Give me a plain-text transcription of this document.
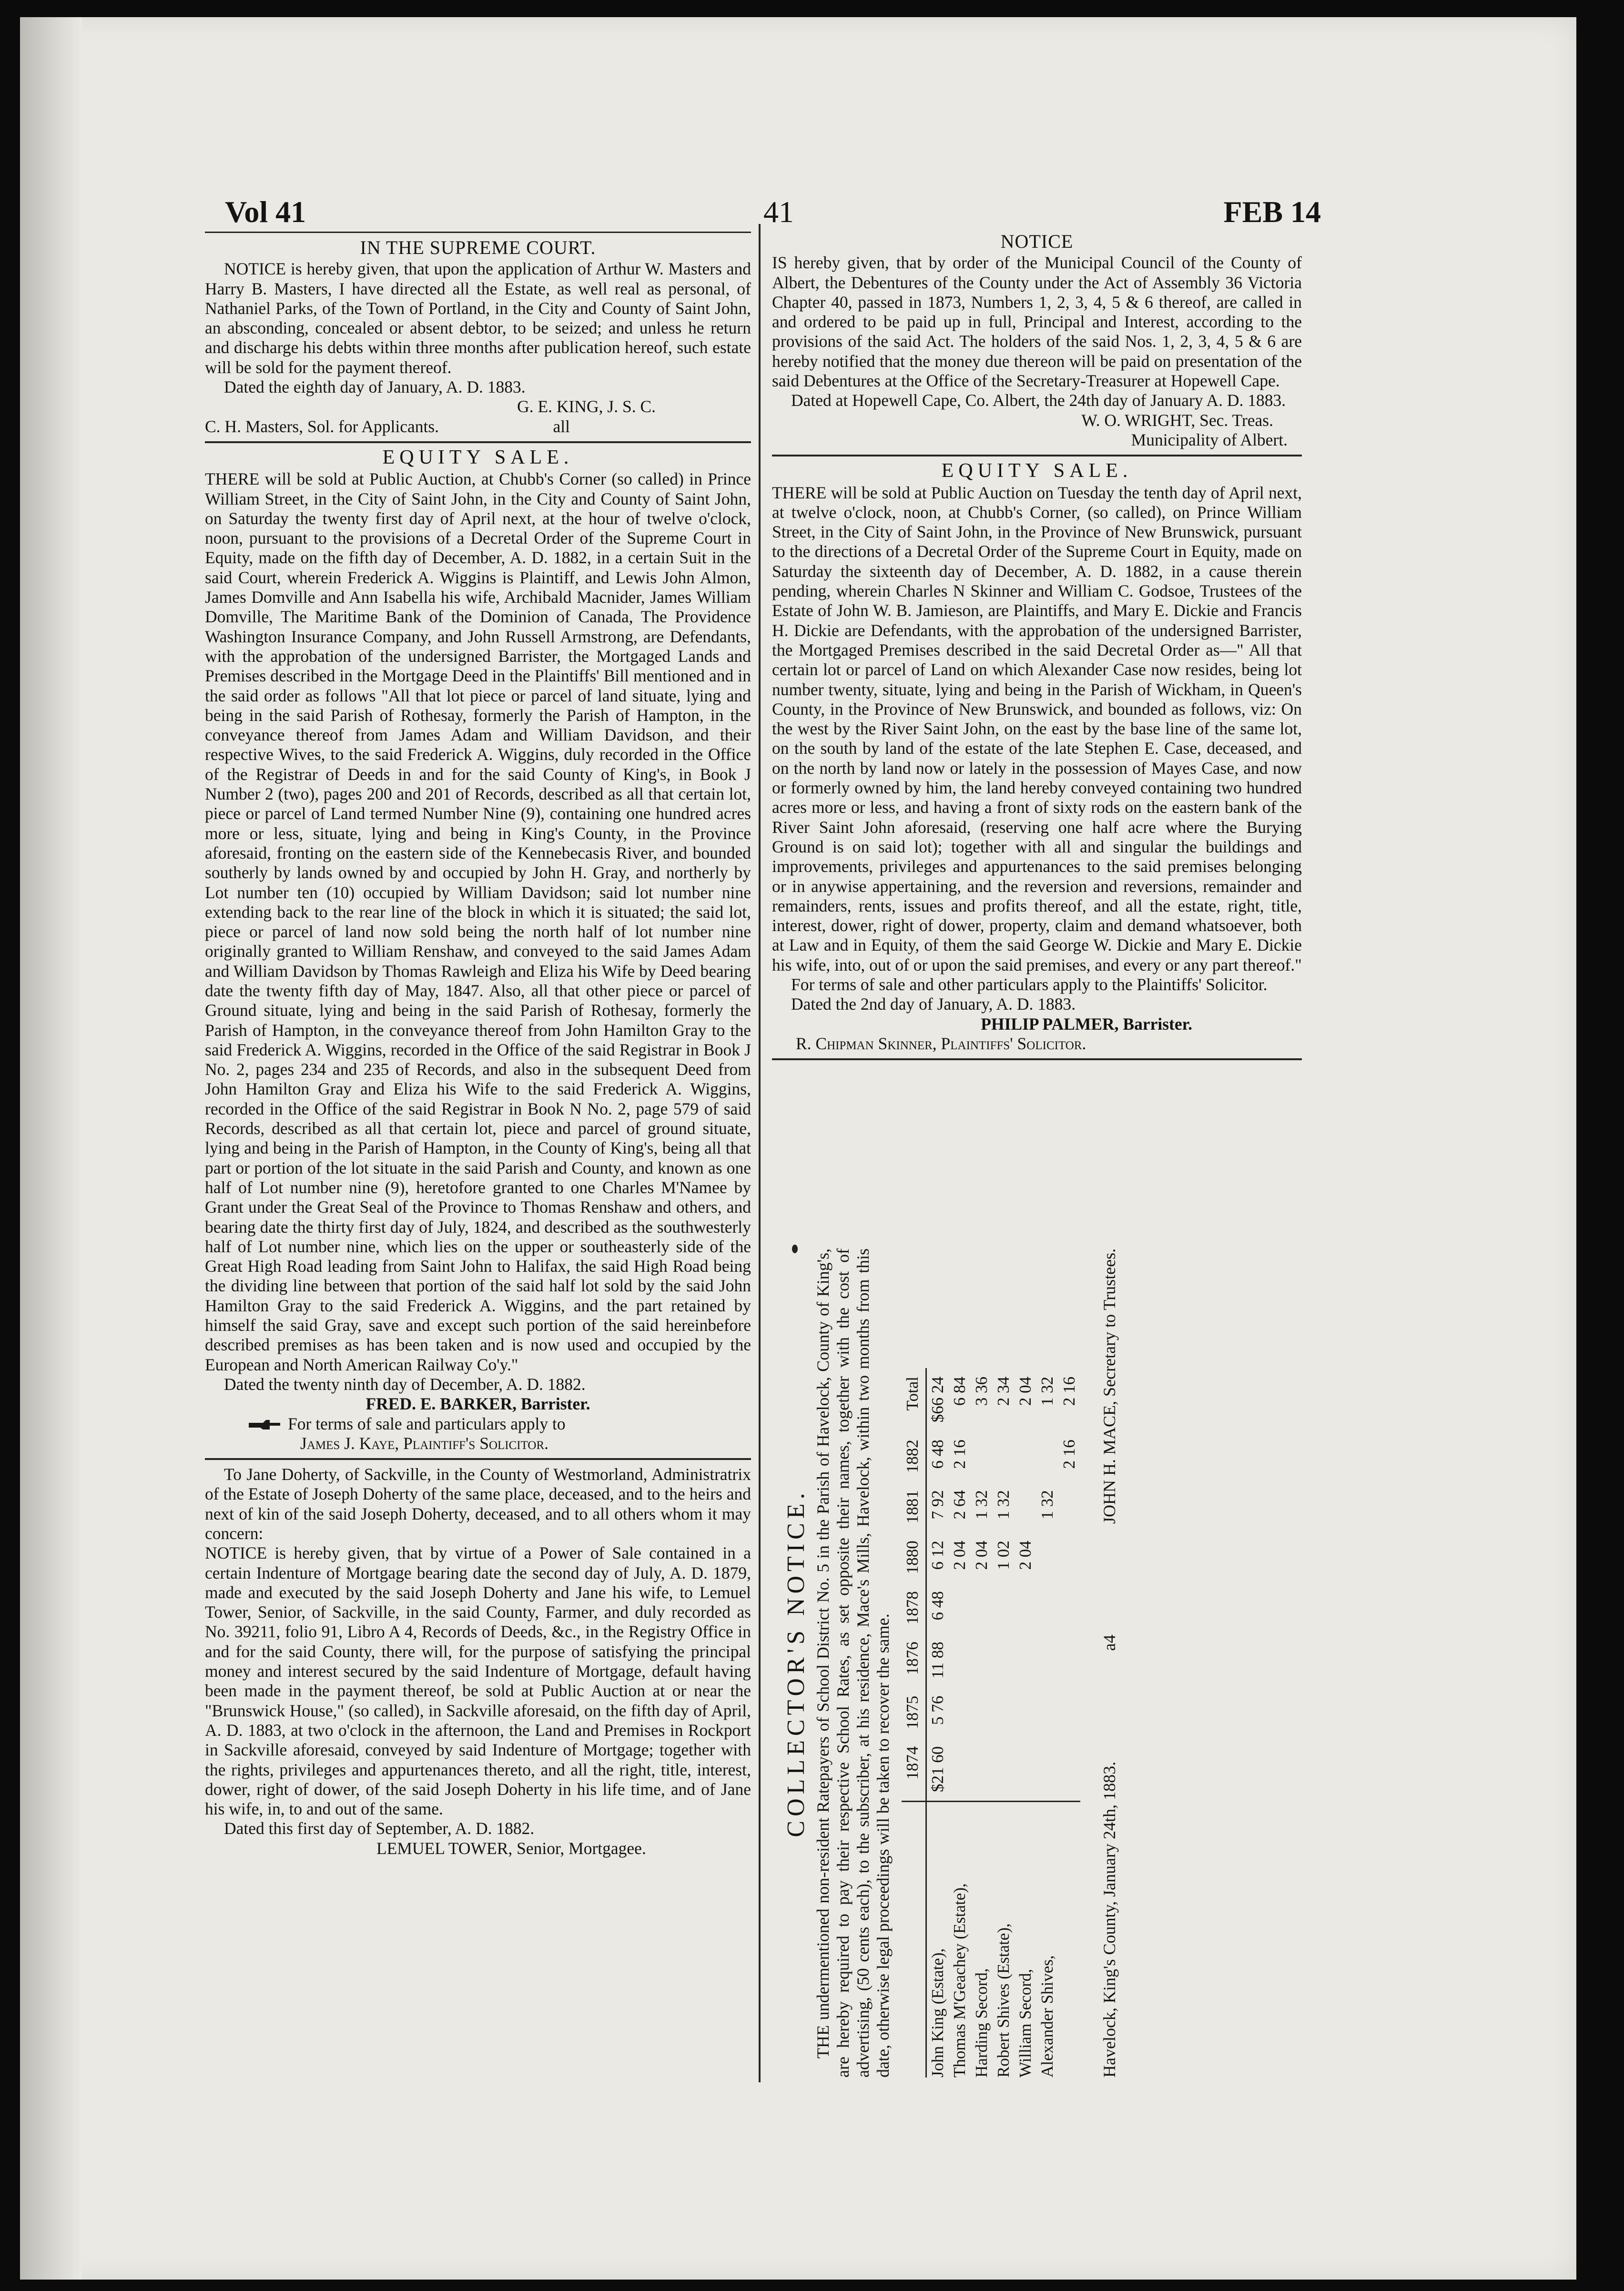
Vol 41	41	FEB 14
IN THE SUPREME COURT.

NOTICE is hereby given, that upon the application of Arthur W. Masters and Harry B. Masters, I have directed all the Estate, as well real as personal, of Nathaniel Parks, of the Town of Portland, in the City and County of Saint John, an absconding, concealed or absent debtor, to be seized; and unless he return and discharge his debts within three months after publication hereof, such estate will be sold for the payment thereof.

Dated the eighth day of January, A. D. 1883.

G. E. KING, J. S. C.

C. H. Masters, Sol. for Applicants.	all
EQUITY SALE.

THERE will be sold at Public Auction, at Chubb's Corner (so called) in Prince William Street, in the City of Saint John, in the City and County of Saint John, on Saturday the twenty first day of April next, at the hour of twelve o'clock, noon, pursuant to the provisions of a Decretal Order of the Supreme Court in Equity, made on the fifth day of December, A. D. 1882, in a certain Suit in the said Court, wherein Frederick A. Wiggins is Plaintiff, and Lewis John Almon, James Domville and Ann Isabella his wife, Archibald Macnider, James William Domville, The Maritime Bank of the Dominion of Canada, The Providence Washington Insurance Company, and John Russell Armstrong, are Defendants, with the approbation of the undersigned Barrister, the Mortgaged Lands and Premises described in the Mortgage Deed in the Plaintiffs' Bill mentioned and in the said order as follows "All that lot piece or parcel of land situate, lying and being in the said Parish of Rothesay, formerly the Parish of Hampton, in the conveyance thereof from James Adam and William Davidson, and their respective Wives, to the said Frederick A. Wiggins, duly recorded in the Office of the Registrar of Deeds in and for the said County of King's, in Book J Number 2 (two), pages 200 and 201 of Records, described as all that certain lot, piece or parcel of Land termed Number Nine (9), containing one hundred acres more or less, situate, lying and being in King's County, in the Province aforesaid, fronting on the eastern side of the Kennebecasis River, and bounded southerly by lands owned by and occupied by John H. Gray, and northerly by Lot number ten (10) occupied by William Davidson; said lot number nine extending back to the rear line of the block in which it is situated; the said lot, piece or parcel of land now sold being the north half of lot number nine originally granted to William Renshaw, and conveyed to the said James Adam and William Davidson by Thomas Rawleigh and Eliza his Wife by Deed bearing date the twenty fifth day of May, 1847. Also, all that other piece or parcel of Ground situate, lying and being in the said Parish of Rothesay, formerly the Parish of Hampton, in the conveyance thereof from John Hamilton Gray to the said Frederick A. Wiggins, recorded in the Office of the said Registrar in Book J No. 2, pages 234 and 235 of Records, and also in the subsequent Deed from John Hamilton Gray and Eliza his Wife to the said Frederick A. Wiggins, recorded in the Office of the said Registrar in Book N No. 2, page 579 of said Records, described as all that certain lot, piece and parcel of ground situate, lying and being in the Parish of Hampton, in the County of King's, being all that part or portion of the lot situate in the said Parish and County, and known as one half of Lot number nine (9), heretofore granted to one Charles M'Namee by Grant under the Great Seal of the Province to Thomas Renshaw and others, and bearing date the thirty first day of July, 1824, and described as the southwesterly half of Lot number nine, which lies on the upper or southeasterly side of the Great High Road leading from Saint John to Halifax, the said High Road being the dividing line between that portion of the said half lot sold by the said John Hamilton Gray to the said Frederick A. Wiggins, and the part retained by himself the said Gray, save and except such portion of the said hereinbefore described premises as has been taken and is now used and occupied by the European and North American Railway Co'y."

Dated the twenty ninth day of December, A. D. 1882.

FRED. E. BARKER, Barrister.

For terms of sale and particulars apply to

James J. Kaye, Plaintiff's Solicitor.

To Jane Doherty, of Sackville, in the County of Westmorland, Administratrix of the Estate of Joseph Doherty of the same place, deceased, and to the heirs and next of kin of the said Joseph Doherty, deceased, and to all others whom it may concern:

NOTICE is hereby given, that by virtue of a Power of Sale contained in a certain Indenture of Mortgage bearing date the second day of July, A. D. 1879, made and executed by the said Joseph Doherty and Jane his wife, to Lemuel Tower, Senior, of Sackville, in the said County, Farmer, and duly recorded as No. 39211, folio 91, Libro A 4, Records of Deeds, &c., in the Registry Office in and for the said County, there will, for the purpose of satisfying the principal money and interest secured by the said Indenture of Mortgage, default having been made in the payment thereof, be sold at Public Auction at or near the "Brunswick House," (so called), in Sackville aforesaid, on the fifth day of April, A. D. 1883, at two o'clock in the afternoon, the Land and Premises in Rockport in Sackville aforesaid, conveyed by said Indenture of Mortgage; together with the rights, privileges and appurtenances thereto, and all the right, title, interest, dower, right of dower, of the said Joseph Doherty in his life time, and of Jane his wife, in, to and out of the same.

Dated this first day of September, A. D. 1882.

LEMUEL TOWER, Senior, Mortgagee.

NOTICE

IS hereby given, that by order of the Municipal Council of the County of Albert, the Debentures of the County under the Act of Assembly 36 Victoria Chapter 40, passed in 1873, Numbers 1, 2, 3, 4, 5 & 6 thereof, are called in and ordered to be paid up in full, Principal and Interest, according to the provisions of the said Act. The holders of the said Nos. 1, 2, 3, 4, 5 & 6 are hereby notified that the money due thereon will be paid on presentation of the said Debentures at the Office of the Secretary-Treasurer at Hopewell Cape.

Dated at Hopewell Cape, Co. Albert, the 24th day of January A. D. 1883.

W. O. WRIGHT, Sec. Treas.

Municipality of Albert.

EQUITY SALE.

THERE will be sold at Public Auction on Tuesday the tenth day of April next, at twelve o'clock, noon, at Chubb's Corner, (so called), on Prince William Street, in the City of Saint John, in the Province of New Brunswick, pursuant to the directions of a Decretal Order of the Supreme Court in Equity, made on Saturday the sixteenth day of December, A. D. 1882, in a cause therein pending, wherein Charles N Skinner and William C. Godsoe, Trustees of the Estate of John W. B. Jamieson, are Plaintiffs, and Mary E. Dickie and Francis H. Dickie are Defendants, with the approbation of the undersigned Barrister, the Mortgaged Premises described in the said Decretal Order as—" All that certain lot or parcel of Land on which Alexander Case now resides, being lot number twenty, situate, lying and being in the Parish of Wickham, in Queen's County, in the Province of New Brunswick, and bounded as follows, viz: On the west by the River Saint John, on the east by the base line of the same lot, on the south by land of the estate of the late Stephen E. Case, deceased, and on the north by land now or lately in the possession of Mayes Case, and now or formerly owned by him, the land hereby conveyed containing two hundred acres more or less, and having a front of sixty rods on the eastern bank of the River Saint John aforesaid, (reserving one half acre where the Burying Ground is on said lot); together with all and singular the buildings and improvements, privileges and appurtenances to the said premises belonging or in anywise appertaining, and the reversion and reversions, remainder and remainders, rents, issues and profits thereof, and all the estate, right, title, interest, dower, right of dower, property, claim and demand whatsoever, both at Law and in Equity, of them the said George W. Dickie and Mary E. Dickie his wife, into, out of or upon the said premises, and every or any part thereof."

For terms of sale and other particulars apply to the Plaintiffs' Solicitor.

Dated the 2nd day of January, A. D. 1883.

PHILIP PALMER, Barrister.

R. Chipman Skinner, Plaintiffs' Solicitor.

COLLECTOR'S NOTICE. THE undermentioned non-resident Ratepayers of School District No. 5 in the Parish of Havelock, County of King's, are hereby required to pay their respective School Rates, as set opposite their names, together with the cost of advertising, (50 cents each), to the subscriber, at his residence, Mace's Mills, Havelock, within two months from this date, otherwise legal proceedings will be taken to recover the same.

	1874	1875	1876	1878	1880	1881	1882	Total
John King (Estate),	$21 60	5 76	11 88	6 48	6 12	7 92	6 48	$66 24
Thomas M'Geachey (Estate),					2 04	2 64	2 16	6 84
Harding Secord,					2 04	1 32		3 36
Robert Shives (Estate),					1 02	1 32		2 34
William Secord,					2 04			2 04
Alexander Shives,						1 32		1 32
							2 16	2 16
Havelock, King's County, January 24th, 1883.
a4
JOHN H. MACE, Secretary to Trustees.
